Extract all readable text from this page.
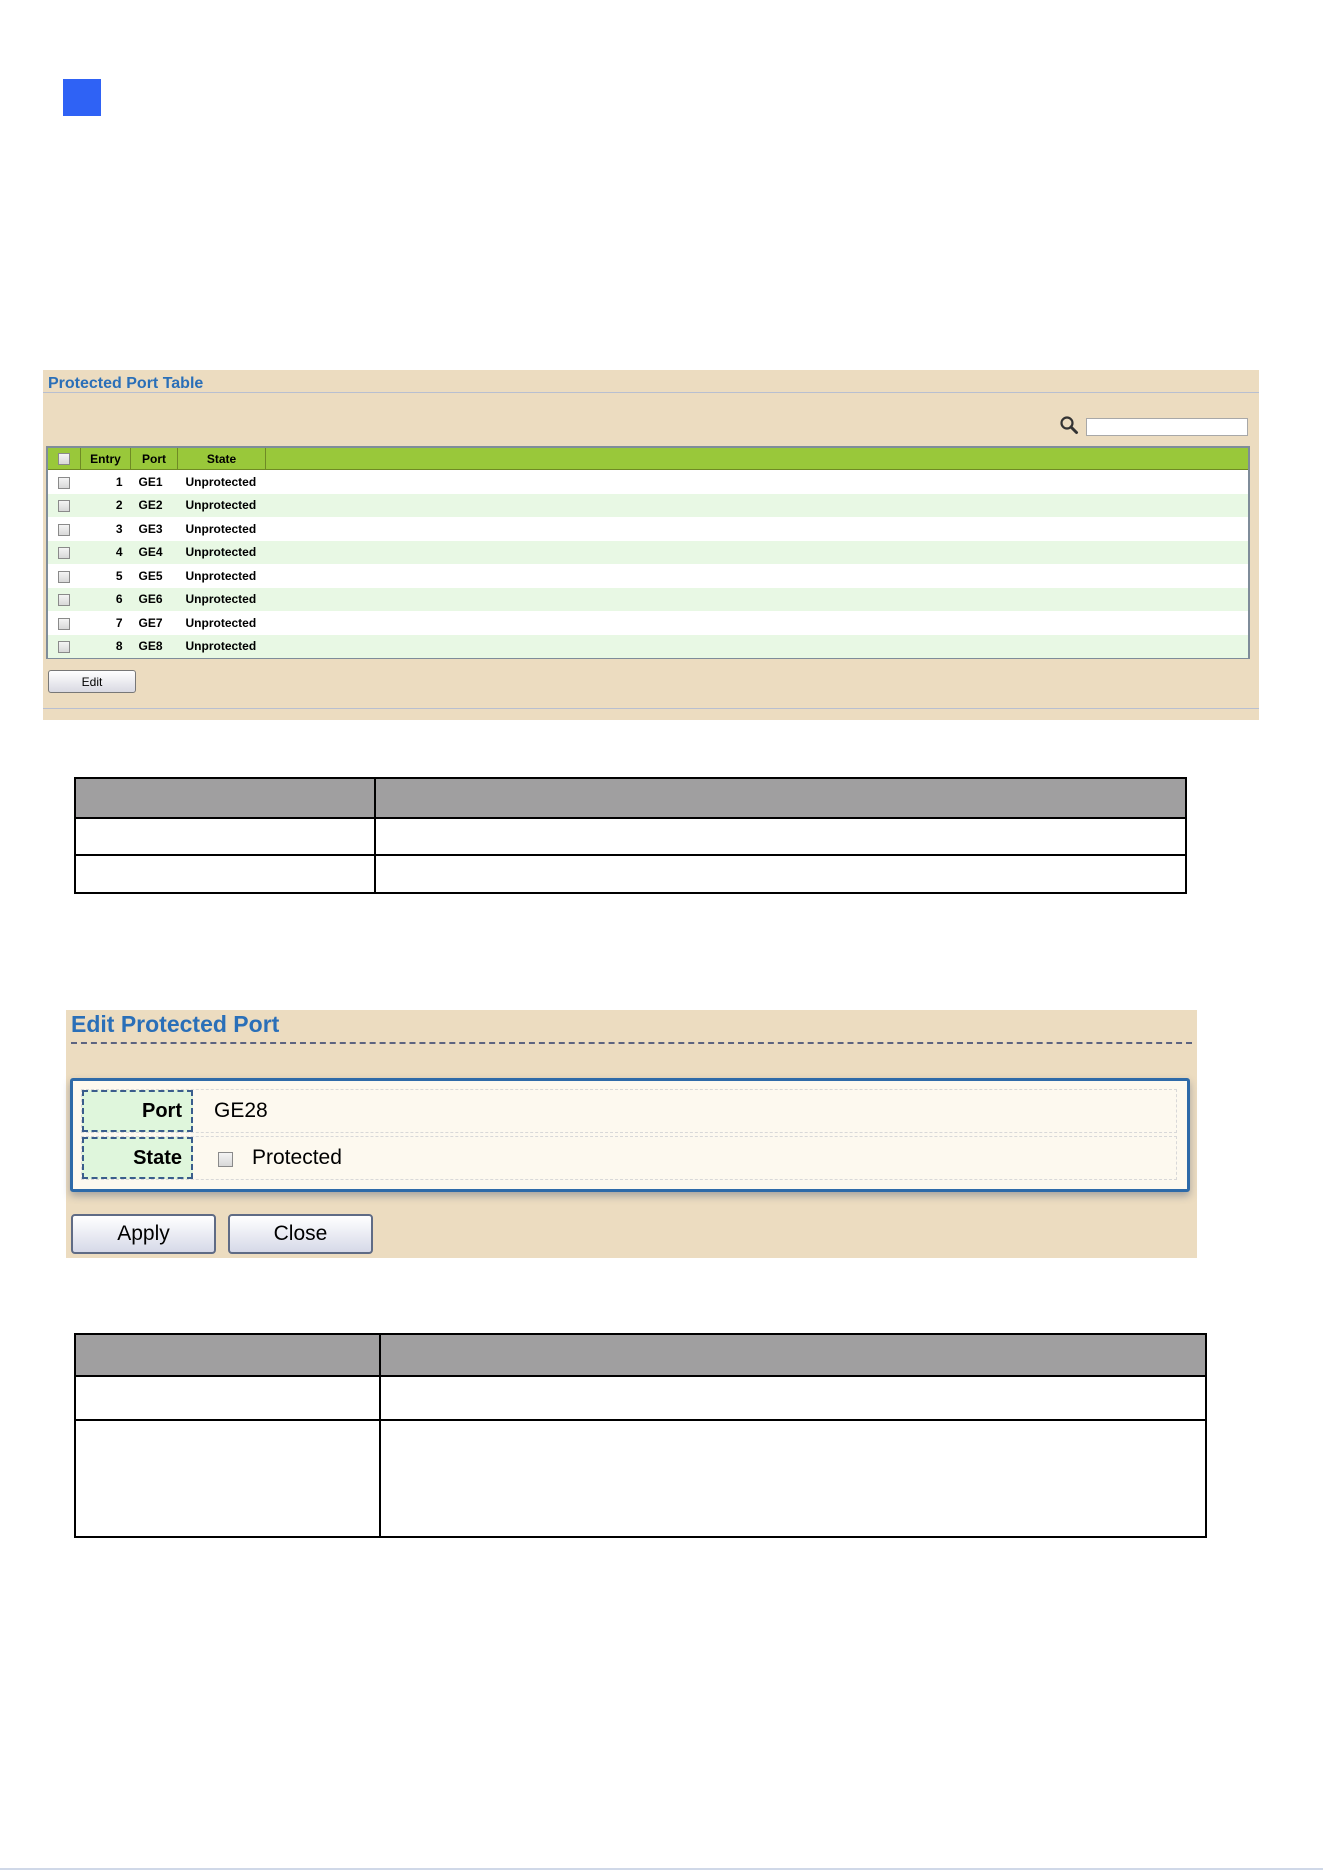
Protected Port Table
	Entry	Port	State	
	1	GE1	Unprotected	
	2	GE2	Unprotected	
	3	GE3	Unprotected	
	4	GE4	Unprotected	
	5	GE5	Unprotected	
	6	GE6	Unprotected	
	7	GE7	Unprotected	
	8	GE8	Unprotected	
Edit

Edit Protected Port
Port	GE28
State	Protected
Apply	Close
